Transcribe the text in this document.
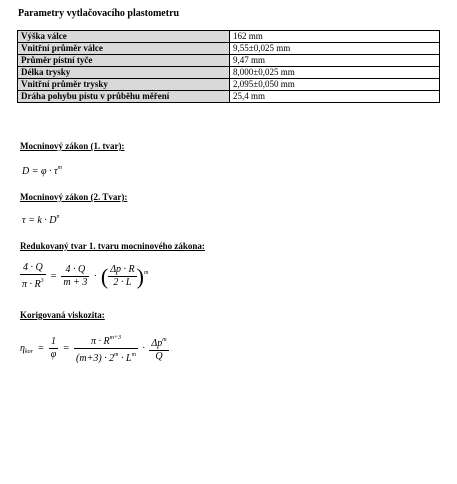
Parametry vytlačovacího plastometru
Výška válce	162 mm
Vnitřní průměr válce	9,55±0,025 mm
Průměr pístní tyče	9,47 mm
Délka trysky	8,000±0,025 mm
Vnitřní průměr trysky	2,095±0,050 mm
Dráha pohybu pístu v průběhu měření	25,4 mm
Mocninový zákon (1. tvar):
$D = \varphi \cdot \tau^m$
Mocninový zákon (2. Tvar):
$\tau = k \cdot D^n$
Redukovaný tvar 1. tvaru mocninového zákona:
$\frac{4 \cdot Q}{\pi \cdot R^3} = \frac{4 \cdot Q}{m + 3}$ · ( $\frac{\Delta p \cdot R}{2 \cdot L} )^m$
Korigovaná viskozita:
$\eta_{kor} = \frac{1}{\varphi} = \frac{\pi \cdot R^{m+3}}{(m+3) \cdot 2^m \cdot L^m} \cdot \frac{\Delta p^m}{Q}$
